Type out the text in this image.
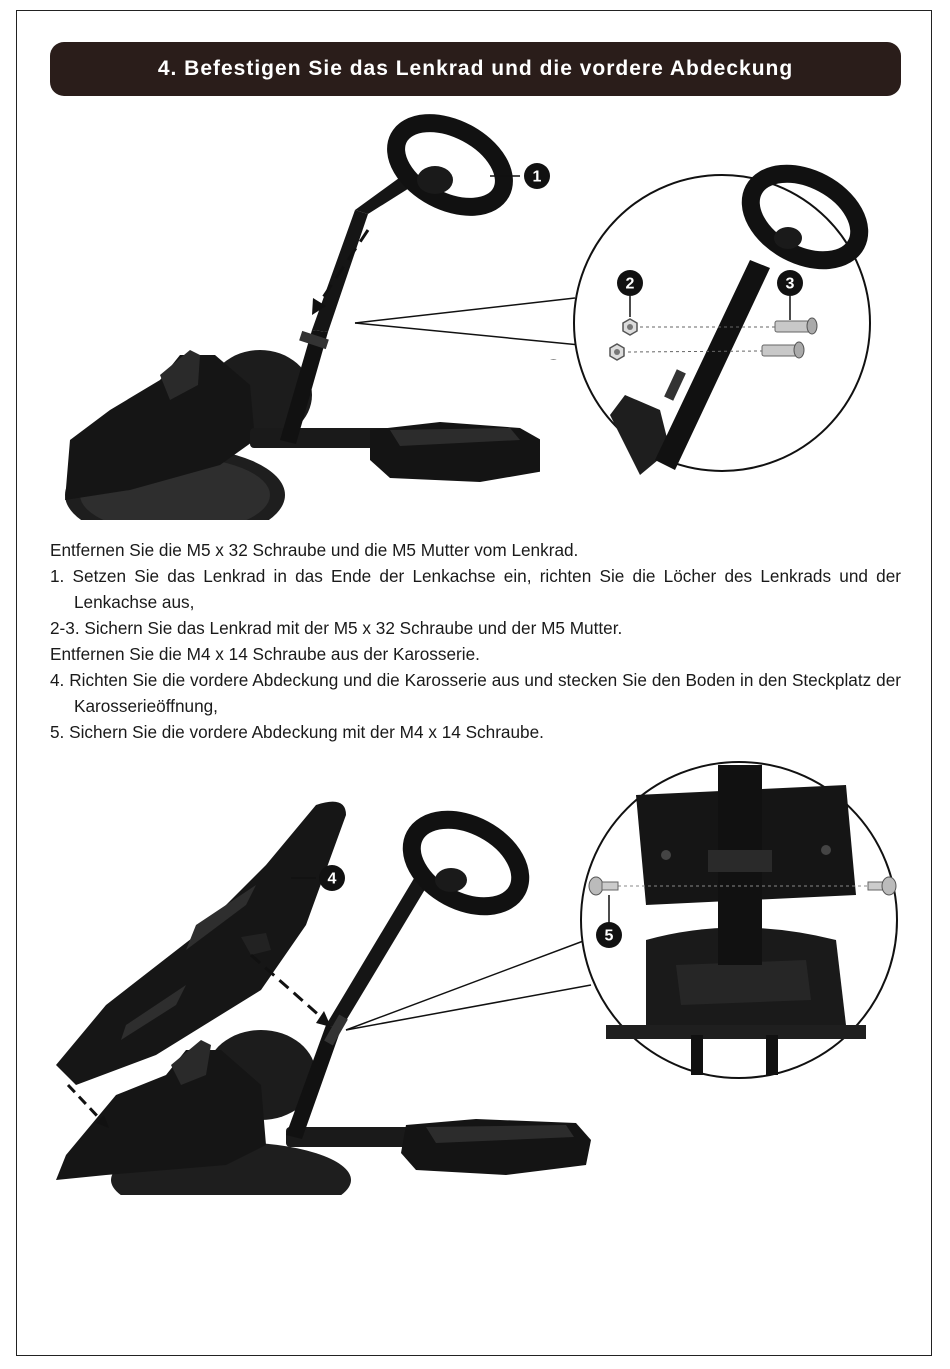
4. Befestigen Sie das Lenkrad und die vordere Abdeckung
1
2	3

Entfernen Sie die M5 x 32 Schraube und die M5 Mutter vom Lenkrad.

1. Setzen Sie das Lenkrad in das Ende der Lenkachse ein, richten Sie die Löcher des Lenkrads und der Lenkachse aus,

2-3. Sichern Sie das Lenkrad mit der M5 x 32 Schraube und der M5 Mutter.

Entfernen Sie die M4 x 14 Schraube aus der Karosserie.

4. Richten Sie die vordere Abdeckung und die Karosserie aus und stecken Sie den Boden in den Steckplatz der Karosserieöffnung,

5. Sichern Sie die vordere Abdeckung mit der M4 x 14 Schraube.

4
5
